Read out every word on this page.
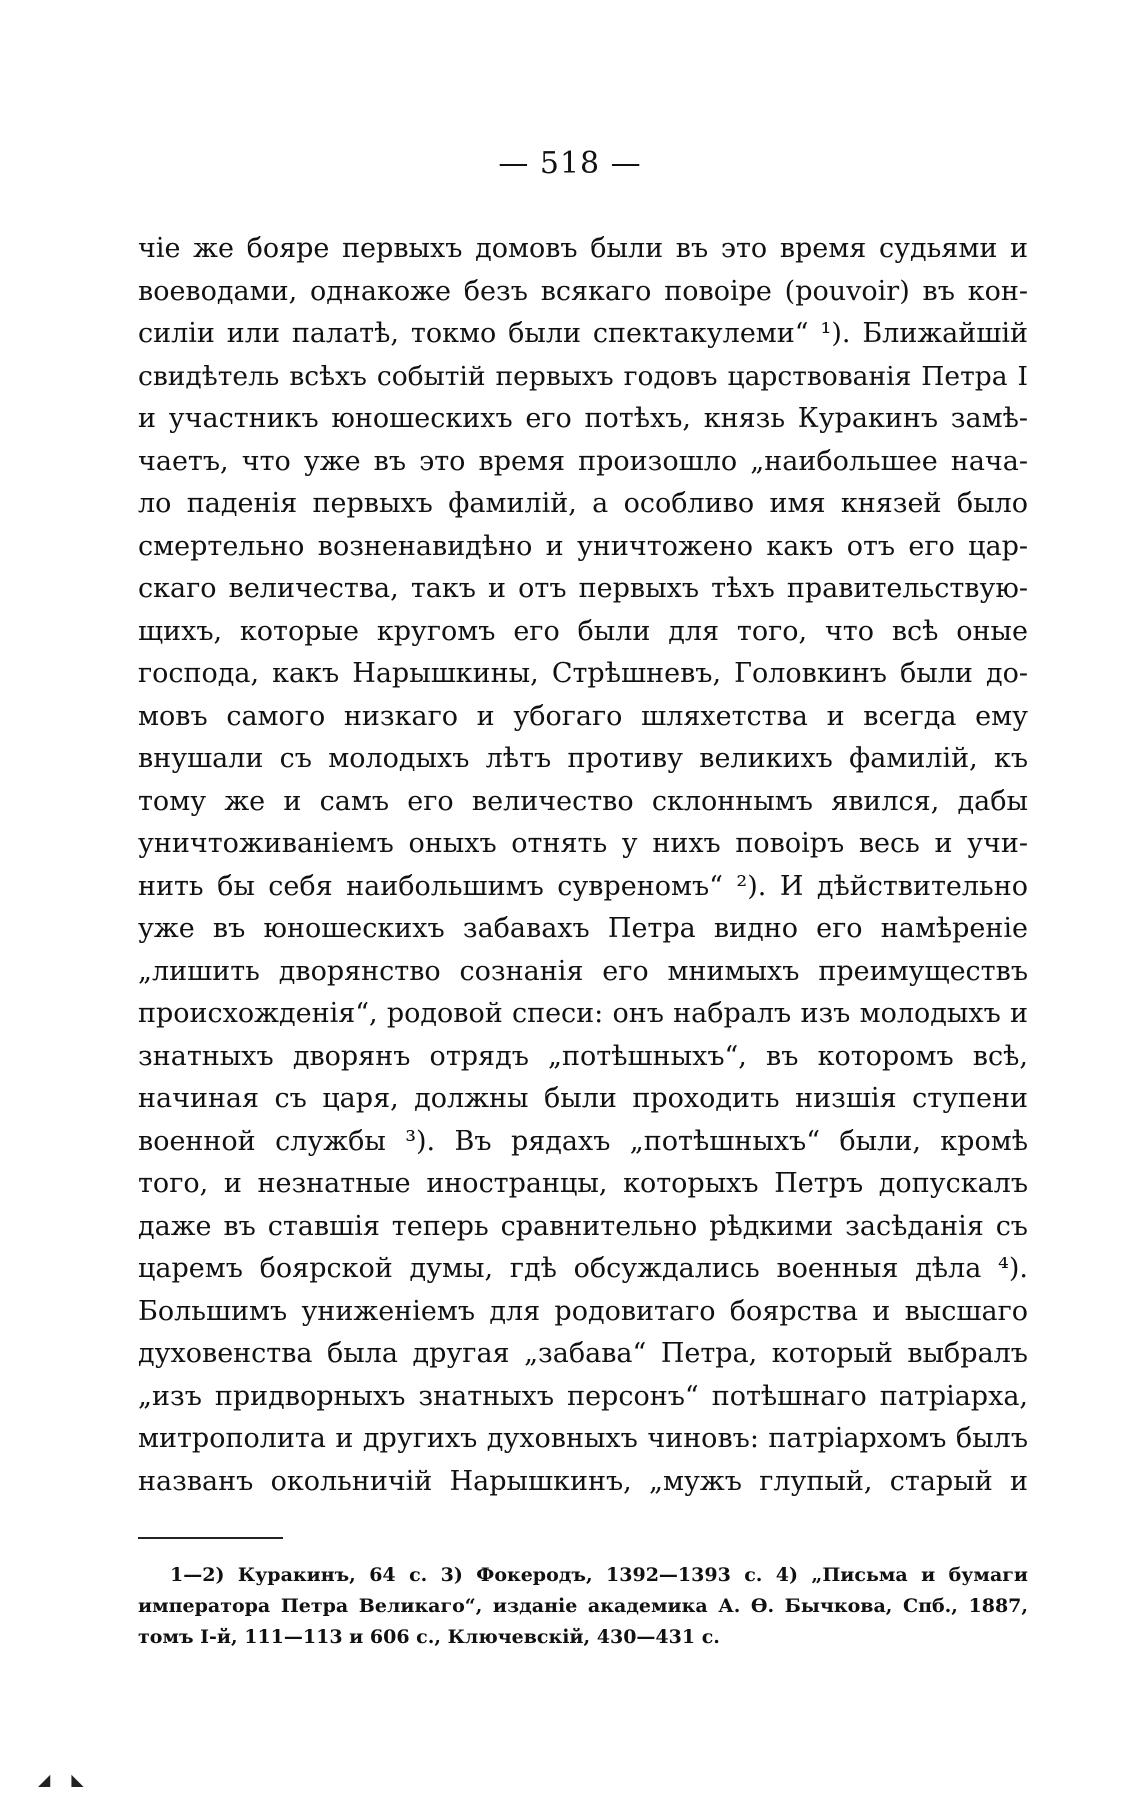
— 518 —
чіе же бояре первыхъ домовъ были въ это время судьями и
воеводами, однакоже безъ всякаго повоіре (pouvoir) въ кон-
силіи или палатѣ, токмо были спектакулеми“ ¹). Ближайшій
свидѣтель всѣхъ событій первыхъ годовъ царствованія Петра I
и участникъ юношескихъ его потѣхъ, князь Куракинъ замѣ-
чаетъ, что уже въ это время произошло „наибольшее нача-
ло паденія первыхъ фамилій, а особливо имя князей было
смертельно возненавидѣно и уничтожено какъ отъ его цар-
скаго величества, такъ и отъ первыхъ тѣхъ правительствую-
щихъ, которые кругомъ его были для того, что всѣ оные
господа, какъ Нарышкины, Стрѣшневъ, Головкинъ были до-
мовъ самого низкаго и убогаго шляхетства и всегда ему
внушали съ молодыхъ лѣтъ противу великихъ фамилій, къ
тому же и самъ его величество склоннымъ явился, дабы
уничтоживаніемъ оныхъ отнять у нихъ повоіръ весь и учи-
нить бы себя наибольшимъ сувреномъ“ ²). И дѣйствительно
уже въ юношескихъ забавахъ Петра видно его намѣреніе
„лишить дворянство сознанія его мнимыхъ преимуществъ
происхожденія“, родовой спеси: онъ набралъ изъ молодыхъ и
знатныхъ дворянъ отрядъ „потѣшныхъ“, въ которомъ всѣ,
начиная съ царя, должны были проходить низшія ступени
военной службы ³). Въ рядахъ „потѣшныхъ“ были, кромѣ
того, и незнатные иностранцы, которыхъ Петръ допускалъ
даже въ ставшія теперь сравнительно рѣдкими засѣданія съ
царемъ боярской думы, гдѣ обсуждались военныя дѣла ⁴).
Большимъ униженіемъ для родовитаго боярства и высшаго
духовенства была другая „забава“ Петра, который выбралъ
„изъ придворныхъ знатныхъ персонъ“ потѣшнаго патріарха,
митрополита и другихъ духовныхъ чиновъ: патріархомъ былъ
названъ окольничій Нарышкинъ, „мужъ глупый, старый и
1—2) Куракинъ, 64 с. 3) Фокеродъ, 1392—1393 с. 4) „Письма и бумаги
императора Петра Великаго“, изданіе академика А. Ѳ. Бычкова, Спб., 1887,
томъ I-й, 111—113 и 606 с., Ключевскій, 430—431 с.
◢ ◣
